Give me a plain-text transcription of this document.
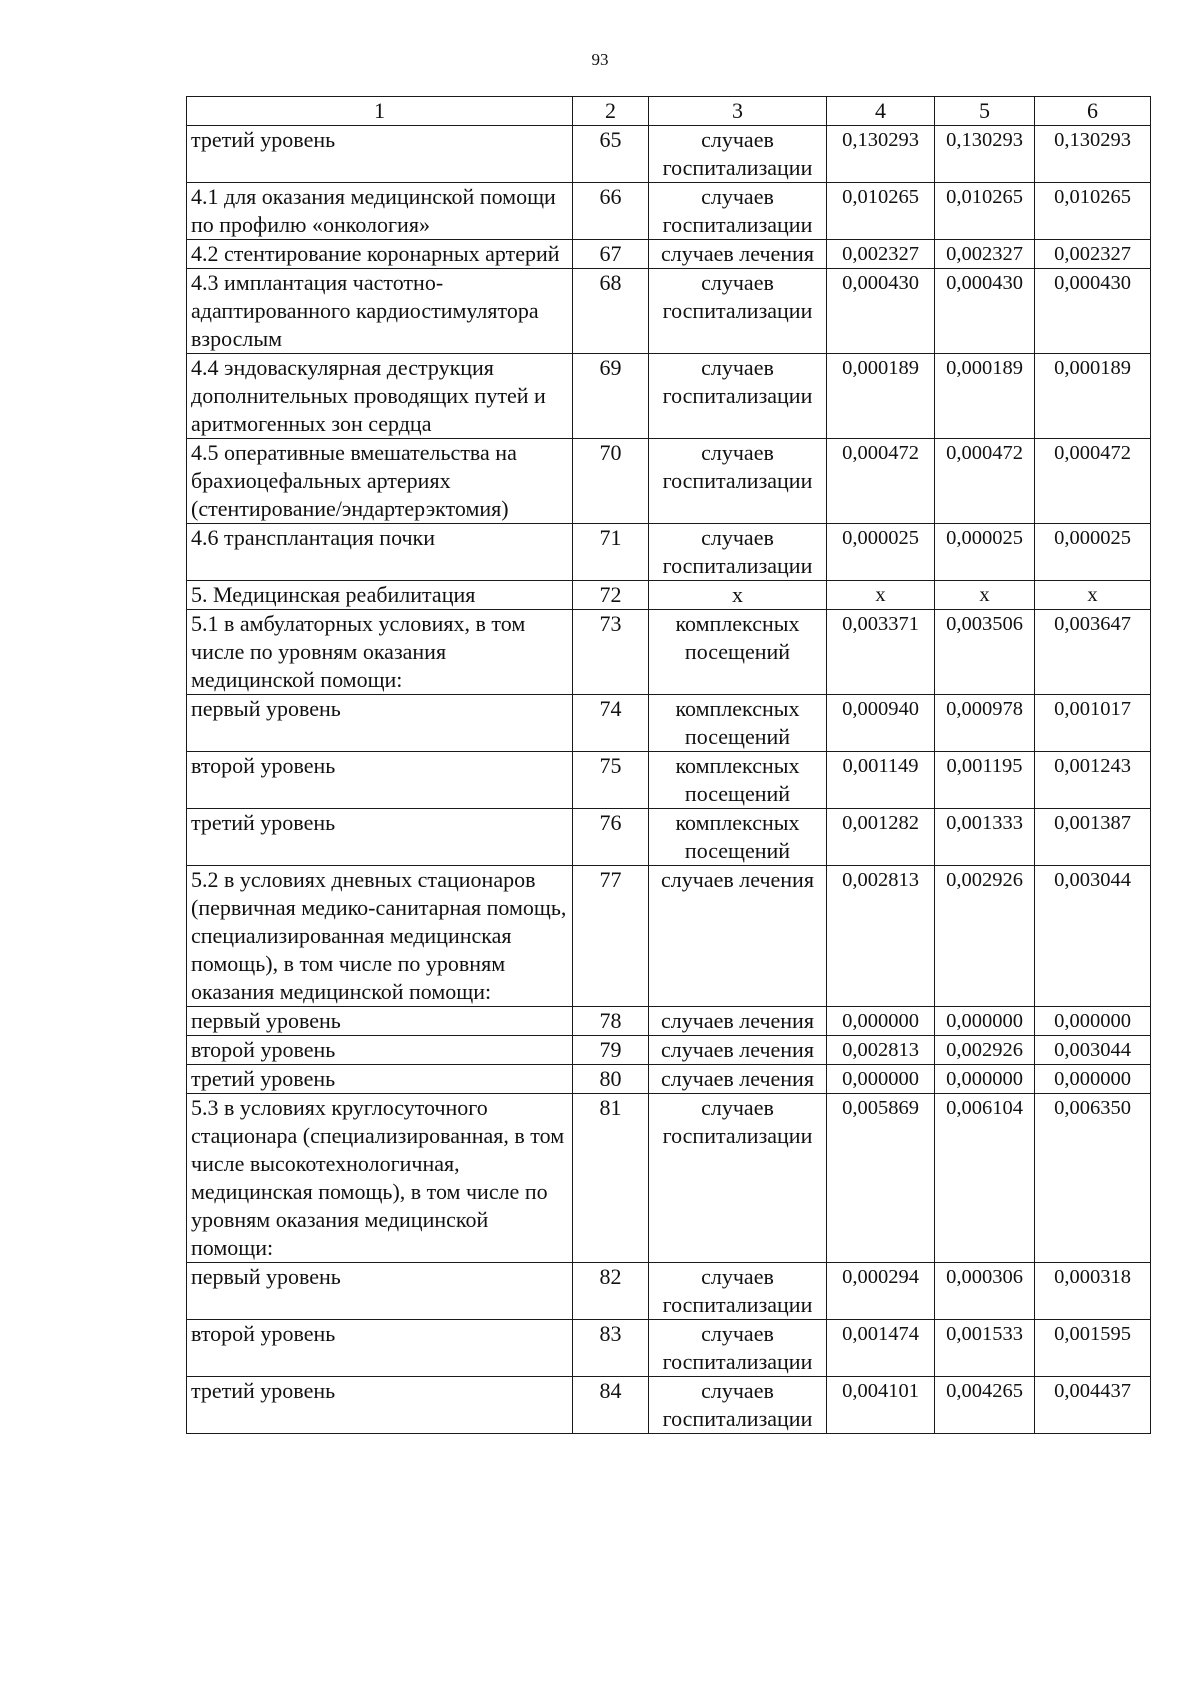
93
1	2	3	4	5	6
третий уровень	65	случаев госпитализации	0,130293	0,130293	0,130293
4.1 для оказания медицинской помощи по профилю «онкология»	66	случаев госпитализации	0,010265	0,010265	0,010265
4.2 стентирование коронарных артерий	67	случаев лечения	0,002327	0,002327	0,002327
4.3 имплантация частотно-адаптированного кардиостимулятора взрослым	68	случаев госпитализации	0,000430	0,000430	0,000430
4.4 эндоваскулярная деструкция дополнительных проводящих путей и аритмогенных зон сердца	69	случаев госпитализации	0,000189	0,000189	0,000189
4.5 оперативные вмешательства на брахиоцефальных артериях (стентирование/эндартерэктомия)	70	случаев госпитализации	0,000472	0,000472	0,000472
4.6 трансплантация почки	71	случаев госпитализации	0,000025	0,000025	0,000025
5. Медицинская реабилитация	72	х	х	х	х
5.1 в амбулаторных условиях, в том числе по уровням оказания медицинской помощи:	73	комплексных посещений	0,003371	0,003506	0,003647
первый уровень	74	комплексных посещений	0,000940	0,000978	0,001017
второй уровень	75	комплексных посещений	0,001149	0,001195	0,001243
третий уровень	76	комплексных посещений	0,001282	0,001333	0,001387
5.2 в условиях дневных стационаров (первичная медико-санитарная помощь, специализированная медицинская помощь), в том числе по уровням оказания медицинской помощи:	77	случаев лечения	0,002813	0,002926	0,003044
первый уровень	78	случаев лечения	0,000000	0,000000	0,000000
второй уровень	79	случаев лечения	0,002813	0,002926	0,003044
третий уровень	80	случаев лечения	0,000000	0,000000	0,000000
5.3 в условиях круглосуточного стационара (специализированная, в том числе высокотехнологичная, медицинская помощь), в том числе по уровням оказания медицинской помощи:	81	случаев госпитализации	0,005869	0,006104	0,006350
первый уровень	82	случаев госпитализации	0,000294	0,000306	0,000318
второй уровень	83	случаев госпитализации	0,001474	0,001533	0,001595
третий уровень	84	случаев госпитализации	0,004101	0,004265	0,004437
